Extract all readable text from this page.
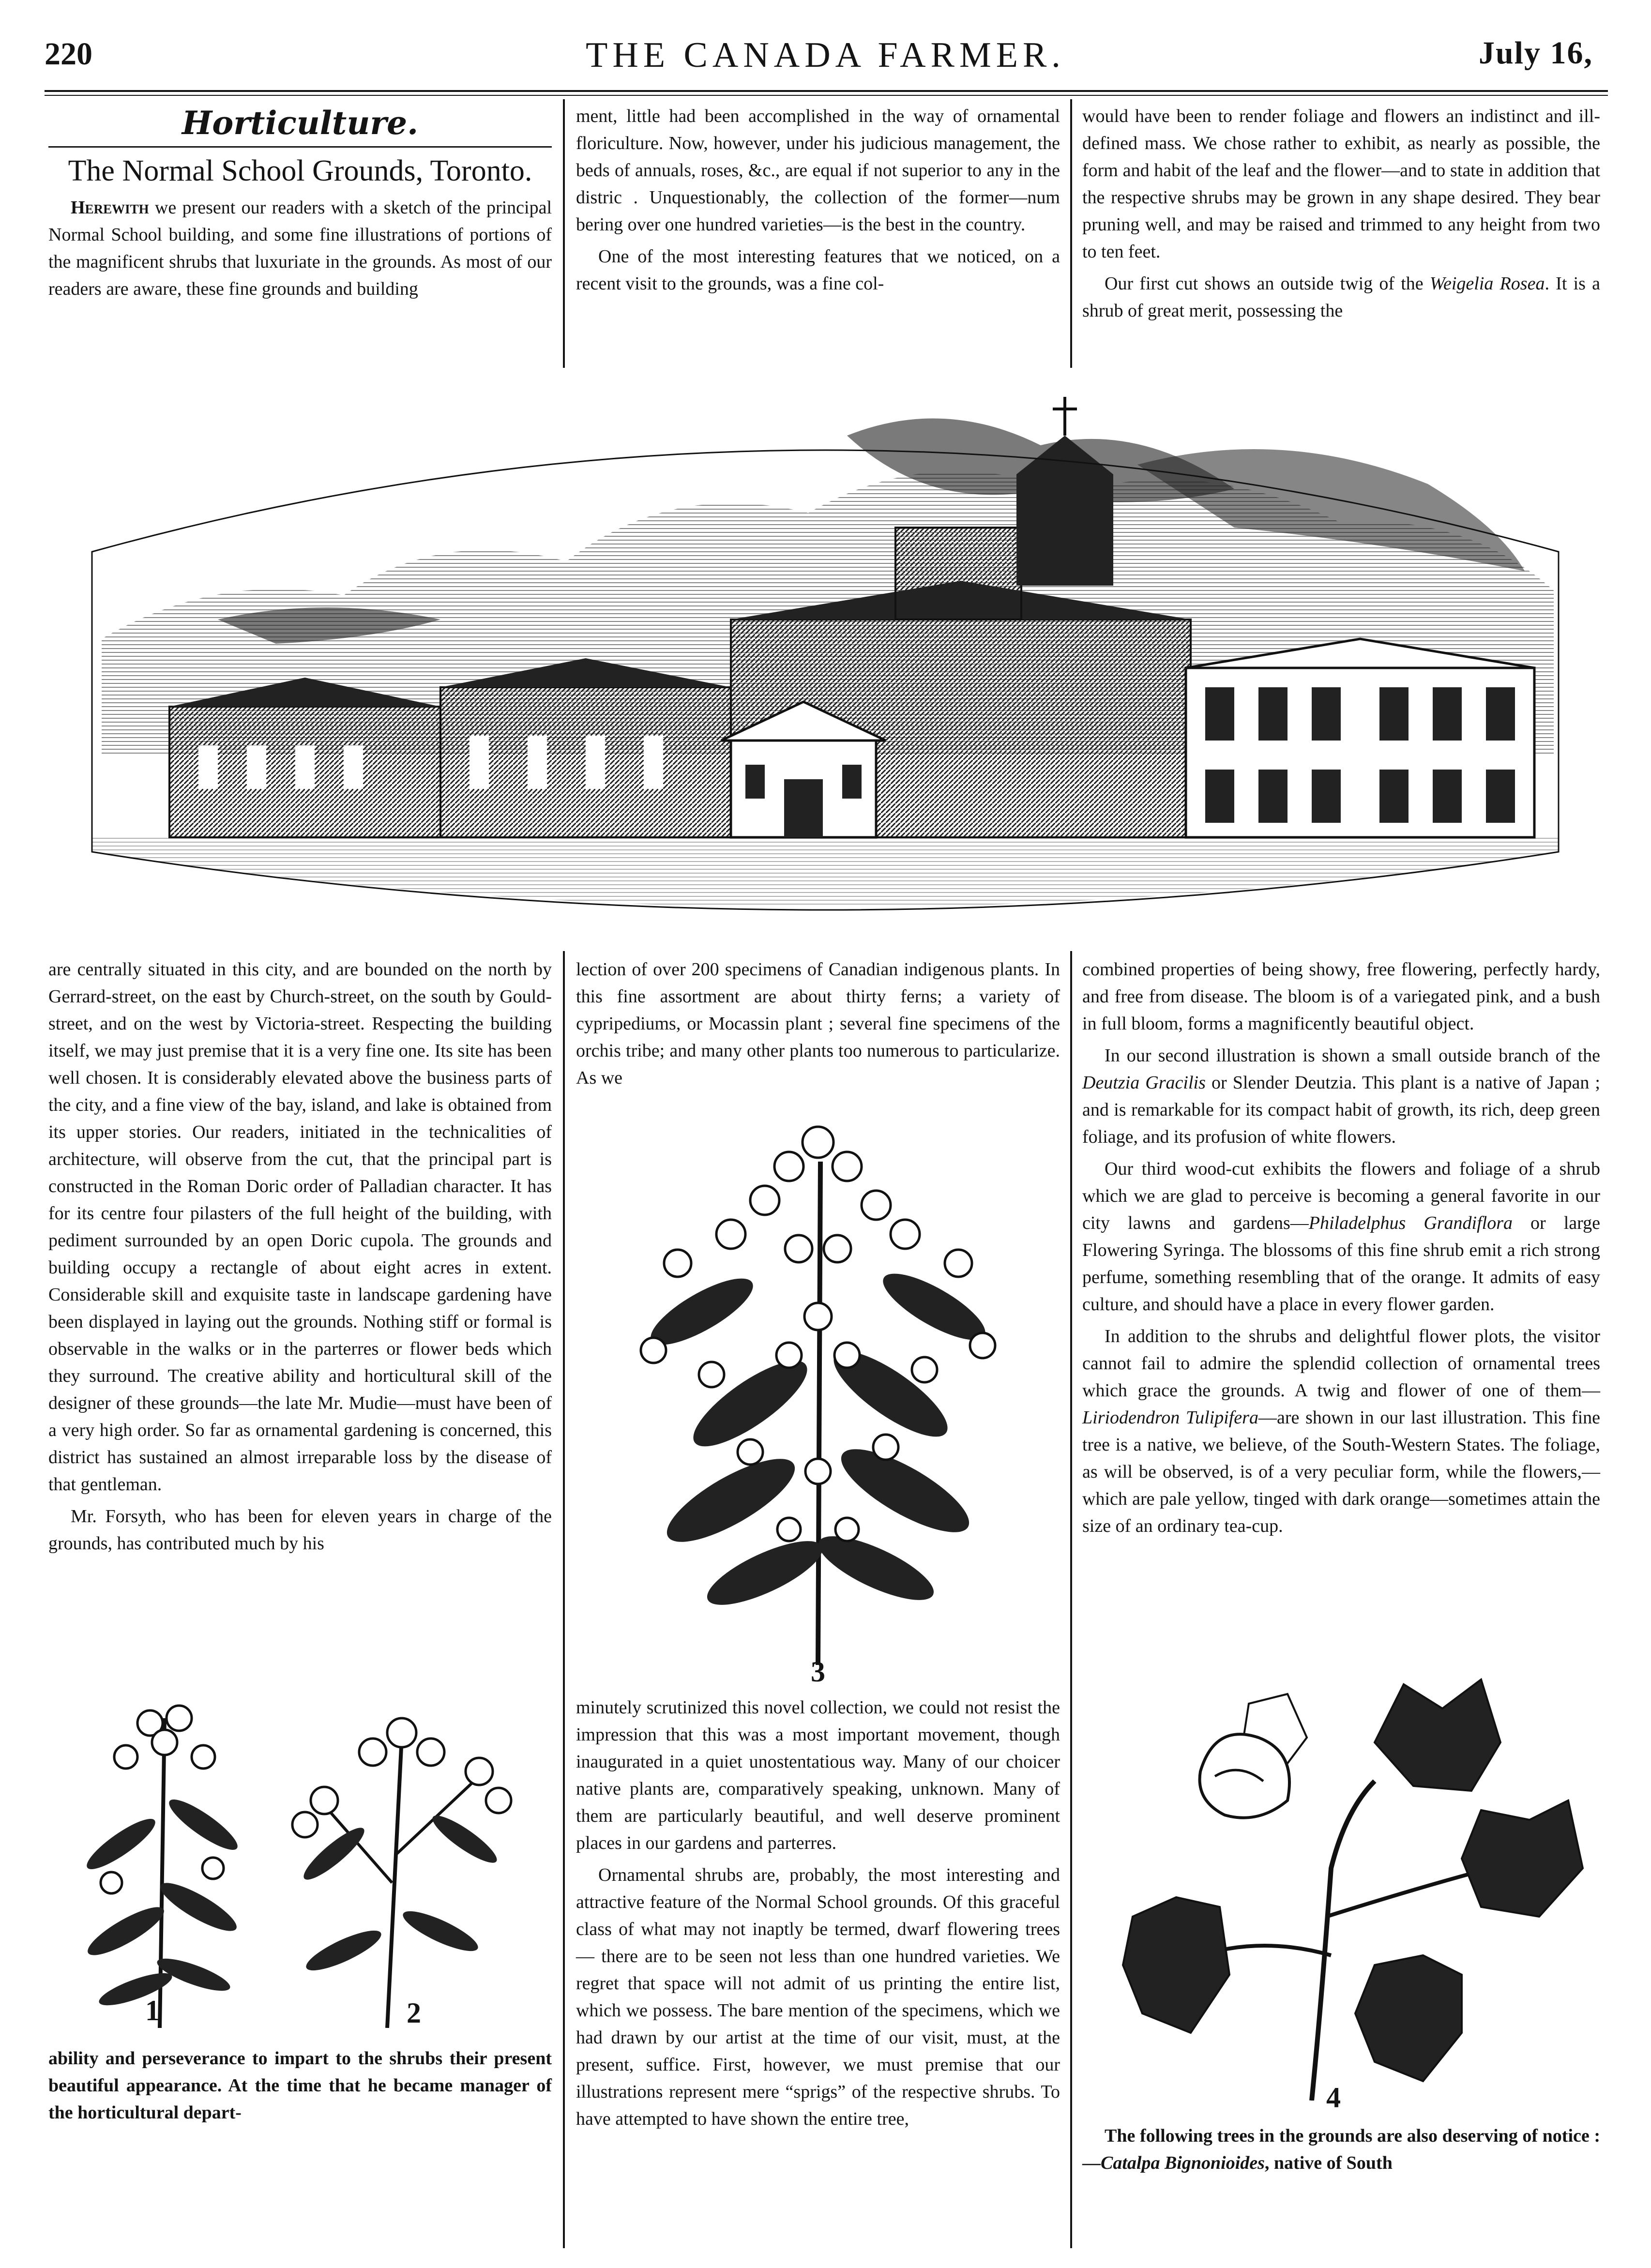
220	THE CANADA FARMER.	July 16,
Horticulture.
The Normal School Grounds, Toronto.

Herewith we present our readers with a sketch of the principal Normal School building, and some fine illustrations of portions of the magnificent shrubs that luxuriate in the grounds. As most of our readers are aware, these fine grounds and building

ment, little had been accomplished in the way of ornamental floriculture. Now, however, under his judicious management, the beds of annuals, roses, &c., are equal if not superior to any in the distric . Unquestionably, the collection of the former—num bering over one hundred varieties—is the best in the country.

One of the most interesting features that we noticed, on a recent visit to the grounds, was a fine col-

would have been to render foliage and flowers an indistinct and ill-defined mass. We chose rather to exhibit, as nearly as possible, the form and habit of the leaf and the flower—and to state in addition that the respective shrubs may be grown in any shape desired. They bear pruning well, and may be raised and trimmed to any height from two to ten feet.

Our first cut shows an outside twig of the Weigelia Rosea. It is a shrub of great merit, possessing the

are centrally situated in this city, and are bounded on the north by Gerrard-street, on the east by Church-street, on the south by Gould-street, and on the west by Victoria-street. Respecting the building itself, we may just premise that it is a very fine one. Its site has been well chosen. It is considerably elevated above the business parts of the city, and a fine view of the bay, island, and lake is obtained from its upper stories. Our readers, initiated in the technicalities of architecture, will observe from the cut, that the principal part is constructed in the Roman Doric order of Palladian character. It has for its centre four pilasters of the full height of the building, with pediment surrounded by an open Doric cupola. The grounds and building occupy a rectangle of about eight acres in extent. Considerable skill and exquisite taste in landscape gardening have been displayed in laying out the grounds. Nothing stiff or formal is observable in the walks or in the parterres or flower beds which they surround. The creative ability and horticultural skill of the designer of these grounds—the late Mr. Mudie—must have been of a very high order. So far as ornamental gardening is concerned, this district has sustained an almost irreparable loss by the disease of that gentleman.

Mr. Forsyth, who has been for eleven years in charge of the grounds, has contributed much by his

1	2

ability and perseverance to impart to the shrubs their present beautiful appearance. At the time that he became manager of the horticultural depart-

lection of over 200 specimens of Canadian indigenous plants. In this fine assortment are about thirty ferns; a variety of cypripediums, or Mocassin plant ; several fine specimens of the orchis tribe; and many other plants too numerous to particularize. As we

3

minutely scrutinized this novel collection, we could not resist the impression that this was a most important movement, though inaugurated in a quiet unostentatious way. Many of our choicer native plants are, comparatively speaking, unknown. Many of them are particularly beautiful, and well deserve prominent places in our gardens and parterres.

Ornamental shrubs are, probably, the most interesting and attractive feature of the Normal School grounds. Of this graceful class of what may not inaptly be termed, dwarf flowering trees — there are to be seen not less than one hundred varieties. We regret that space will not admit of us printing the entire list, which we possess. The bare mention of the specimens, which we had drawn by our artist at the time of our visit, must, at the present, suffice. First, however, we must premise that our illustrations represent mere “sprigs” of the respective shrubs. To have attempted to have shown the entire tree,

combined properties of being showy, free flowering, perfectly hardy, and free from disease. The bloom is of a variegated pink, and a bush in full bloom, forms a magnificently beautiful object.

In our second illustration is shown a small outside branch of the Deutzia Gracilis or Slender Deutzia. This plant is a native of Japan ; and is remarkable for its compact habit of growth, its rich, deep green foliage, and its profusion of white flowers.

Our third wood-cut exhibits the flowers and foliage of a shrub which we are glad to perceive is becoming a general favorite in our city lawns and gardens—Philadelphus Grandiflora or large Flowering Syringa. The blossoms of this fine shrub emit a rich strong perfume, something resembling that of the orange. It admits of easy culture, and should have a place in every flower garden.

In addition to the shrubs and delightful flower plots, the visitor cannot fail to admire the splendid collection of ornamental trees which grace the grounds. A twig and flower of one of them—Liriodendron Tulipifera—are shown in our last illustration. This fine tree is a native, we believe, of the South-Western States. The foliage, as will be observed, is of a very peculiar form, while the flowers,—which are pale yellow, tinged with dark orange—sometimes attain the size of an ordinary tea-cup.

4

The following trees in the grounds are also deserving of notice :—Catalpa Bignonioides, native of South
